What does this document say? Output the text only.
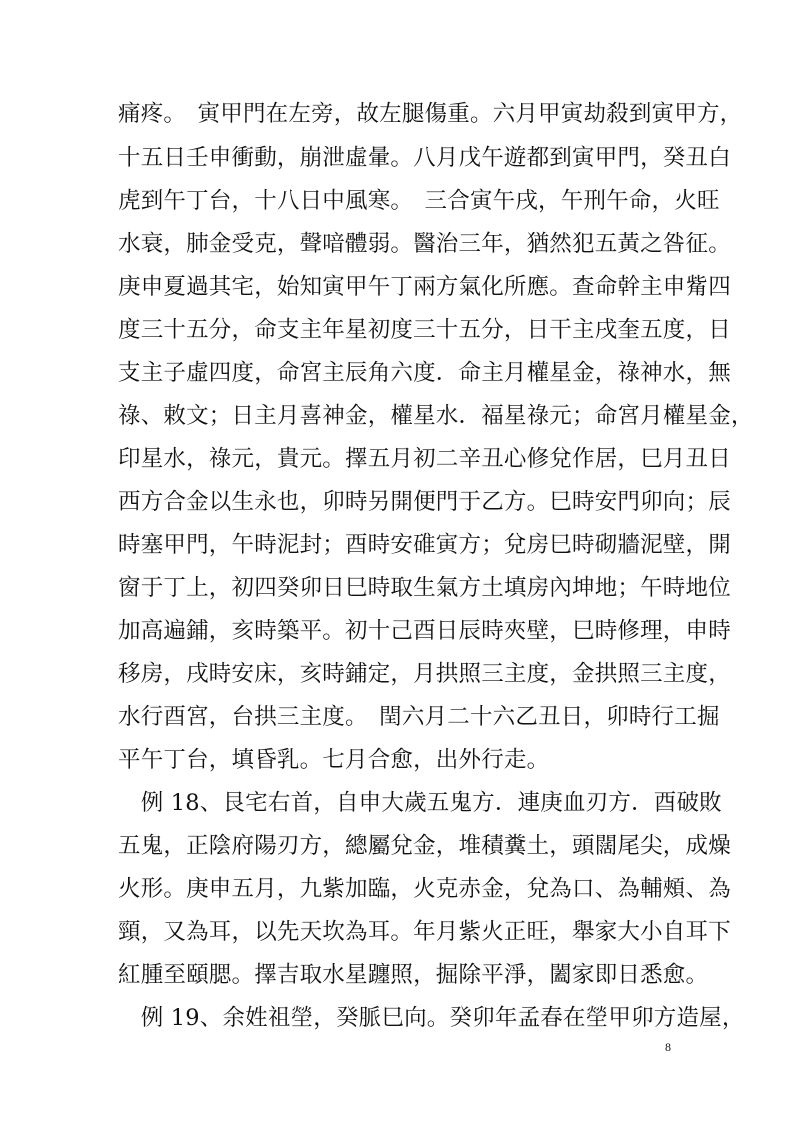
痛疼。　寅甲門在左旁，故左腿傷重。六月甲寅劫殺到寅甲方，
十五日壬申衝動，崩泄虛暈。八月戊午遊都到寅甲門，癸丑白
虎到午丁台，十八日中風寒。　三合寅午戌，午刑午命，火旺
水衰，肺金受克，聲喑體弱。醫治三年，猶然犯五黃之咎征。
庚申夏過其宅，始知寅甲午丁兩方氣化所應。查命幹主申觜四
度三十五分，命支主年星初度三十五分，日干主戌奎五度，日
支主子虛四度，命宮主辰角六度．命主月權星金，祿神水，無
祿、敕文；日主月喜神金，權星水．福星祿元；命宮月權星金，
印星水，祿元，貴元。擇五月初二辛丑心修兌作居，巳月丑日
西方合金以生永也，卯時另開便門于乙方。巳時安門卯向；辰
時塞甲門，午時泥封；酉時安碓寅方；兌房巳時砌牆泥壁，開
窗于丁上，初四癸卯日巳時取生氣方土填房內坤地；午時地位
加高遍鋪，亥時築平。初十己酉日辰時夾壁，巳時修理，申時
移房，戌時安床，亥時鋪定，月拱照三主度，金拱照三主度，
水行酉宮，台拱三主度。　閏六月二十六乙丑日，卯時行工掘
平午丁台，填昏乳。七月合愈，出外行走。
　例 18、艮宅右首，自申大歲五鬼方．連庚血刃方．酉破敗
五鬼，正陰府陽刃方，總屬兌金，堆積糞土，頭闊尾尖，成燥
火形。庚申五月，九紫加臨，火克赤金，兌為口、為輔頰、為
頸，又為耳，以先天坎為耳。年月紫火正旺，舉家大小自耳下
紅腫至頤腮。擇吉取水星躔照，掘除平淨，闔家即日悉愈。
　例 19、余姓祖塋，癸脈巳向。癸卯年孟春在塋甲卯方造屋，
8
